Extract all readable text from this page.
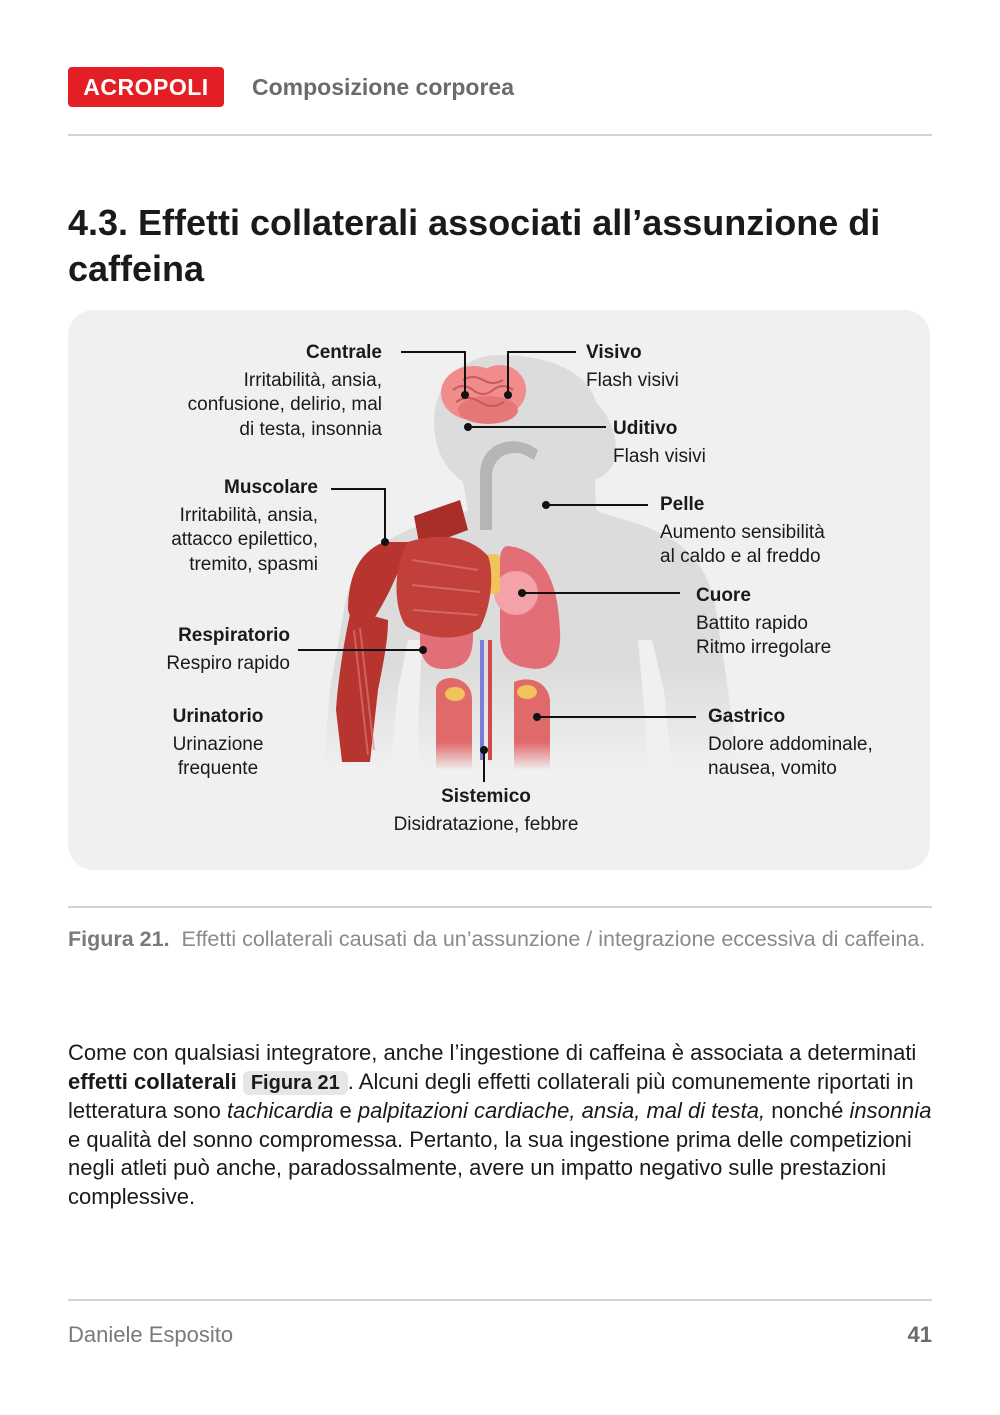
ACROPOLI	Composizione corporea
4.3. Effetti collaterali associati all’assunzione di caffeina
Centrale
Irritabilità, ansia,
confusione, delirio, mal
di testa, insonnia
Visivo
Flash visivi
Uditivo
Flash visivi
Muscolare
Irritabilità, ansia,
attacco epilettico,
tremito, spasmi
Pelle
Aumento sensibilità
al caldo e al freddo
Cuore
Battito rapido
Ritmo irregolare
Respiratorio
Respiro rapido
Urinatorio
Urinazione
frequente
Gastrico
Dolore addominale,
nausea, vomito
Sistemico
Disidratazione, febbre
Figura 21. Effetti collaterali causati da un’assunzione / integrazione eccessiva di caffeina.
Come con qualsiasi integratore, anche l’ingestione di caffeina è associata a determinati effetti collaterali Figura 21 . Alcuni degli effetti collaterali più comunemente riportati in letteratura sono tachicardia e palpitazioni cardiache, ansia, mal di testa, nonché insonnia e qualità del sonno compromessa. Pertanto, la sua ingestione prima delle competizioni negli atleti può anche, paradossalmente, avere un impatto negativo sulle prestazioni complessive.
Daniele Esposito	41
